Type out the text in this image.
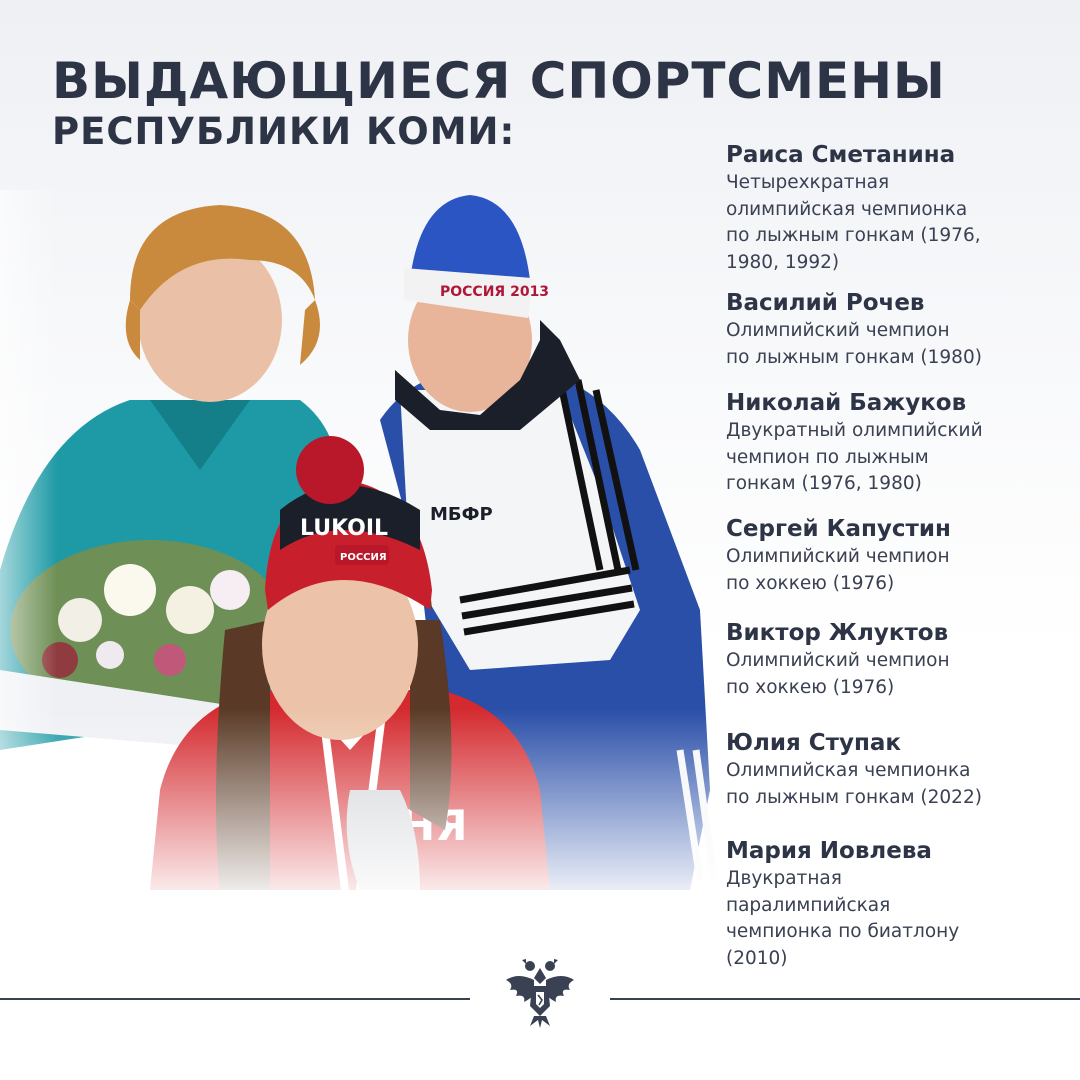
ВЫДАЮЩИЕСЯ СПОРТСМЕНЫ
РЕСПУБЛИКИ КОМИ:
Раиса Сметанина
Четырехкратная
олимпийская чемпионка
по лыжным гонкам (1976,
1980, 1992)
Василий Рочев
Олимпийский чемпион
по лыжным гонкам (1980)
Николай Бажуков
Двукратный олимпийский
чемпион по лыжным
гонкам (1976, 1980)
Сергей Капустин
Олимпийский чемпион
по хоккею (1976)
Виктор Жлуктов
Олимпийский чемпион
по хоккею (1976)
Юлия Ступак
Олимпийская чемпионка
по лыжным гонкам (2022)
Мария Иовлева
Двукратная
паралимпийская
чемпионка по биатлону
(2010)
